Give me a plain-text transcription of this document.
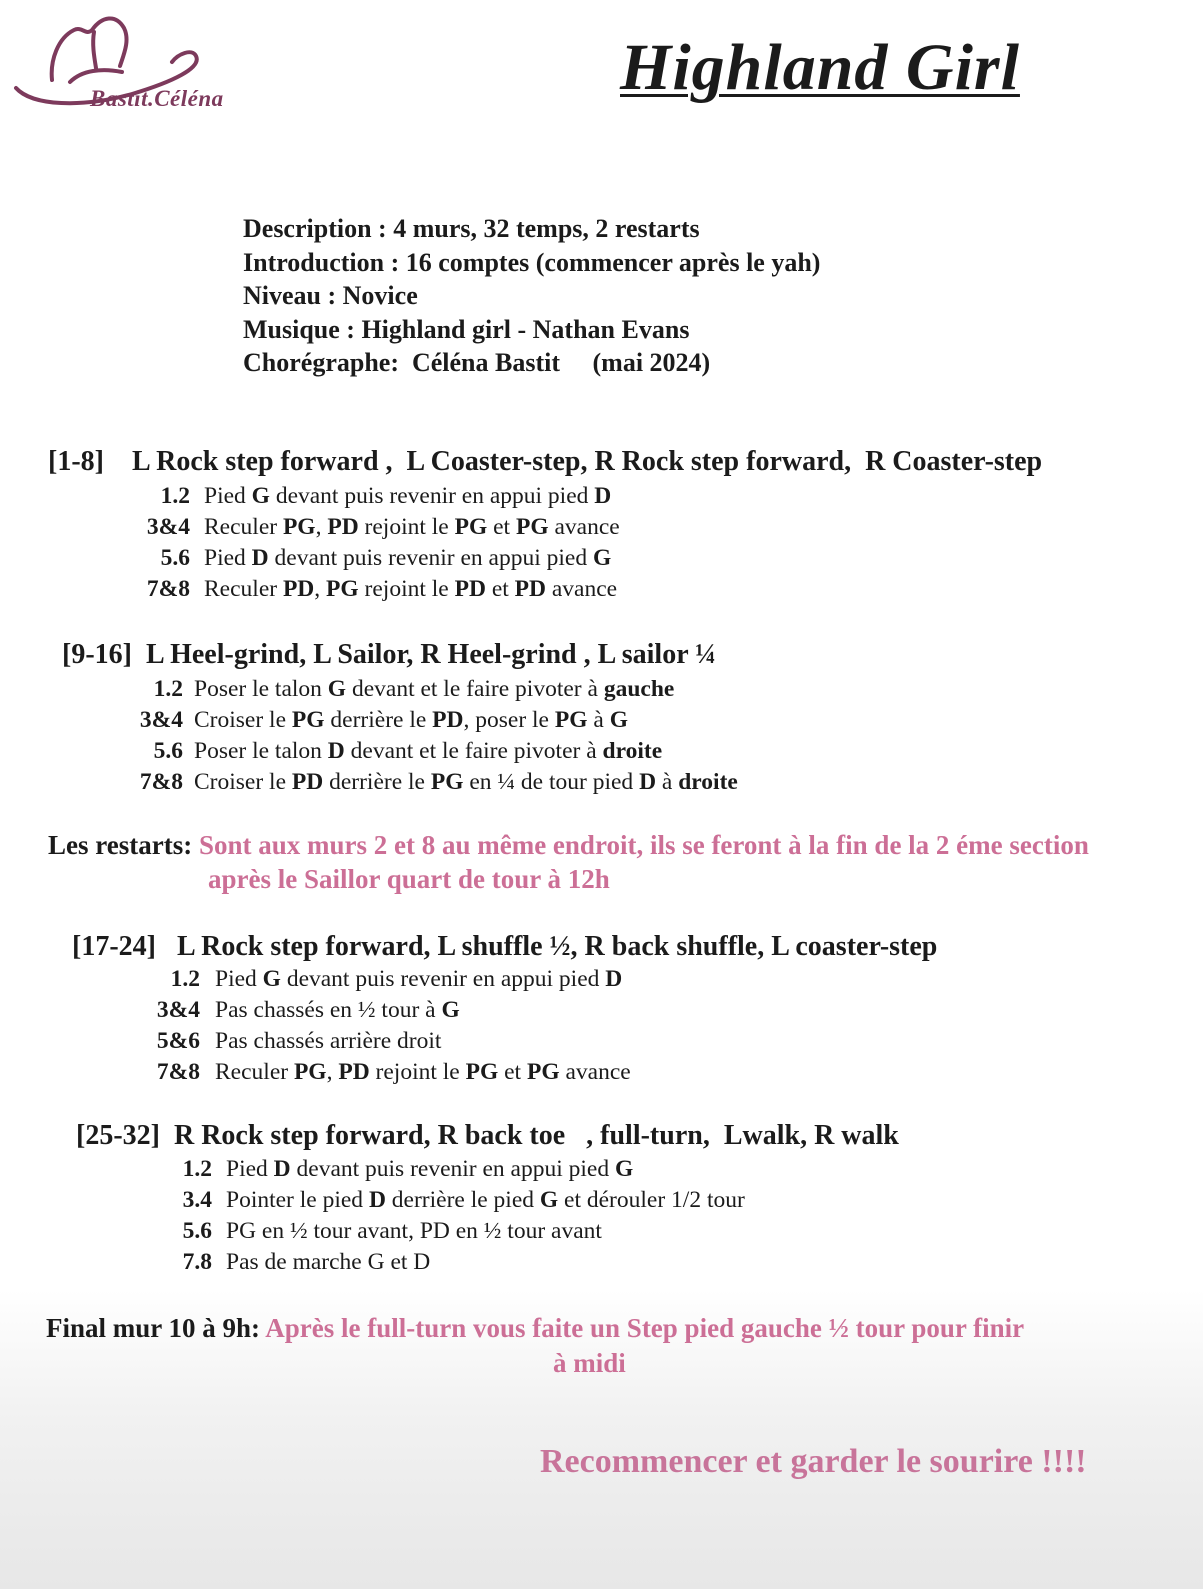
Bastit.Céléna	Highland Girl
Description : 4 murs, 32 temps, 2 restarts
Introduction : 16 comptes (commencer après le yah)
Niveau : Novice
Musique : Highland girl - Nathan Evans
Chorégraphe:  Céléna Bastit     (mai 2024)
[1-8]    L Rock step forward ,  L Coaster-step, R Rock step forward,  R Coaster-step
1.2 Pied G devant puis revenir en appui pied D
3&4 Reculer PG, PD rejoint le PG et PG avance
5.6 Pied D devant puis revenir en appui pied G
7&8 Reculer PD, PG rejoint le PD et PD avance
[9-16]  L Heel-grind, L Sailor, R Heel-grind , L sailor ¼
1.2 Poser le talon G devant et le faire pivoter à gauche
3&4 Croiser le PG derrière le PD, poser le PG à G
5.6 Poser le talon D devant et le faire pivoter à droite
7&8 Croiser le PD derrière le PG en ¼ de tour pied D à droite
Les restarts: Sont aux murs 2 et 8 au même endroit, ils se feront à la fin de la 2 éme section
après le Saillor quart de tour à 12h
[17-24]   L Rock step forward, L shuffle ½, R back shuffle, L coaster-step
1.2 Pied G devant puis revenir en appui pied D
3&4 Pas chassés en ½ tour à G
5&6 Pas chassés arrière droit
7&8 Reculer PG, PD rejoint le PG et PG avance
[25-32]  R Rock step forward, R back toe   , full-turn,  Lwalk, R walk
1.2 Pied D devant puis revenir en appui pied G
3.4 Pointer le pied D derrière le pied G et dérouler 1/2 tour
5.6 PG en ½ tour avant, PD en ½ tour avant
7.8 Pas de marche G et D
Final mur 10 à 9h: Après le full-turn vous faite un Step pied gauche ½ tour pour finir
à midi
Recommencer et garder le sourire !!!!
